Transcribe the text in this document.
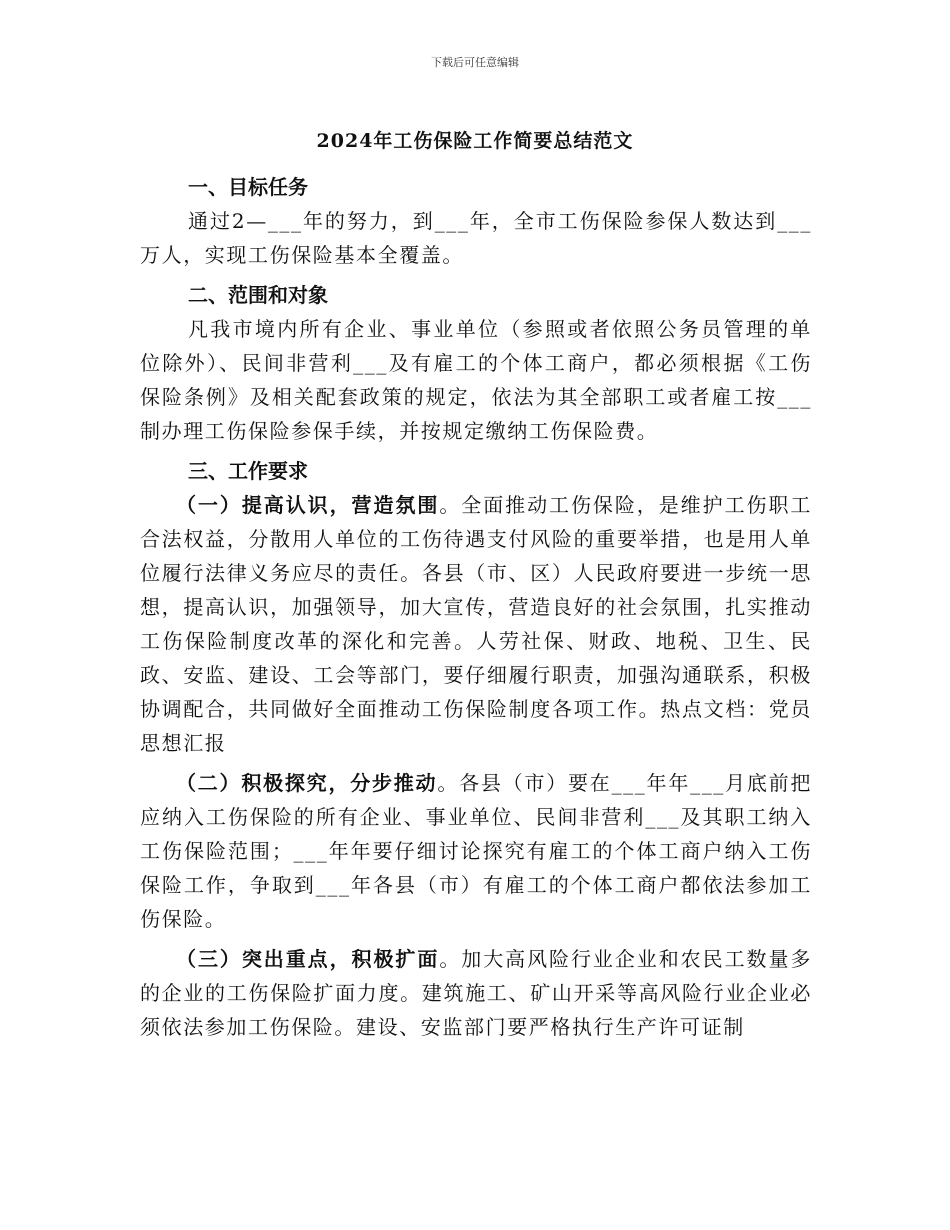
下载后可任意编辑
2024年工伤保险工作简要总结范文

一、目标任务

通过2—___年的努力，到___年，全市工伤保险参保人数达到___万人，实现工伤保险基本全覆盖。

二、范围和对象

凡我市境内所有企业、事业单位（参照或者依照公务员管理的单位除外）、民间非营利___及有雇工的个体工商户，都必须根据《工伤保险条例》及相关配套政策的规定，依法为其全部职工或者雇工按___制办理工伤保险参保手续，并按规定缴纳工伤保险费。

三、工作要求

（一）提高认识，营造氛围。全面推动工伤保险，是维护工伤职工合法权益，分散用人单位的工伤待遇支付风险的重要举措，也是用人单位履行法律义务应尽的责任。各县（市、区）人民政府要进一步统一思想，提高认识，加强领导，加大宣传，营造良好的社会氛围，扎实推动工伤保险制度改革的深化和完善。人劳社保、财政、地税、卫生、民政、安监、建设、工会等部门，要仔细履行职责，加强沟通联系，积极协调配合，共同做好全面推动工伤保险制度各项工作。热点文档：党员思想汇报

（二）积极探究，分步推动。各县（市）要在___年年___月底前把应纳入工伤保险的所有企业、事业单位、民间非营利___及其职工纳入工伤保险范围；___年年要仔细讨论探究有雇工的个体工商户纳入工伤保险工作，争取到___年各县（市）有雇工的个体工商户都依法参加工伤保险。

（三）突出重点，积极扩面。加大高风险行业企业和农民工数量多的企业的工伤保险扩面力度。建筑施工、矿山开采等高风险行业企业必须依法参加工伤保险。建设、安监部门要严格执行生产许可证制
